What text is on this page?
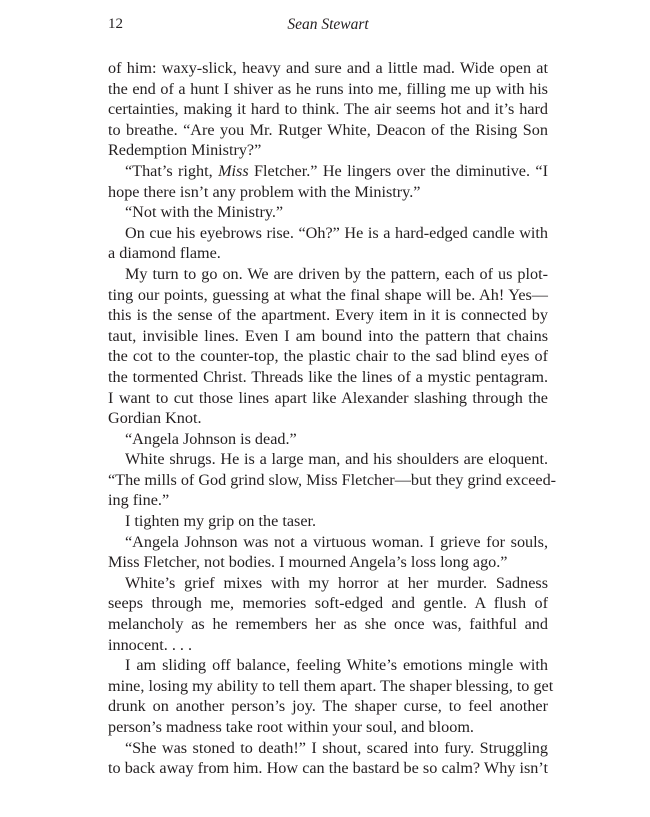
12	Sean Stewart
of him: waxy-slick, heavy and sure and a little mad. Wide open at
the end of a hunt I shiver as he runs into me, filling me up with his
certainties, making it hard to think. The air seems hot and it’s hard
to breathe. “Are you Mr. Rutger White, Deacon of the Rising Son
Redemption Ministry?”
“That’s right, Miss Fletcher.” He lingers over the diminutive. “I
hope there isn’t any problem with the Ministry.”
“Not with the Ministry.”
On cue his eyebrows rise. “Oh?” He is a hard-edged candle with
a diamond flame.
My turn to go on. We are driven by the pattern, each of us plot-
ting our points, guessing at what the final shape will be. Ah! Yes—
this is the sense of the apartment. Every item in it is connected by
taut, invisible lines. Even I am bound into the pattern that chains
the cot to the counter-top, the plastic chair to the sad blind eyes of
the tormented Christ. Threads like the lines of a mystic pentagram.
I want to cut those lines apart like Alexander slashing through the
Gordian Knot.
“Angela Johnson is dead.”
White shrugs. He is a large man, and his shoulders are eloquent.
“The mills of God grind slow, Miss Fletcher—but they grind exceed-
ing fine.”
I tighten my grip on the taser.
“Angela Johnson was not a virtuous woman. I grieve for souls,
Miss Fletcher, not bodies. I mourned Angela’s loss long ago.”
White’s grief mixes with my horror at her murder. Sadness
seeps through me, memories soft-edged and gentle. A flush of
melancholy as he remembers her as she once was, faithful and
innocent. . . .
I am sliding off balance, feeling White’s emotions mingle with
mine, losing my ability to tell them apart. The shaper blessing, to get
drunk on another person’s joy. The shaper curse, to feel another
person’s madness take root within your soul, and bloom.
“She was stoned to death!” I shout, scared into fury. Struggling
to back away from him. How can the bastard be so calm? Why isn’t
